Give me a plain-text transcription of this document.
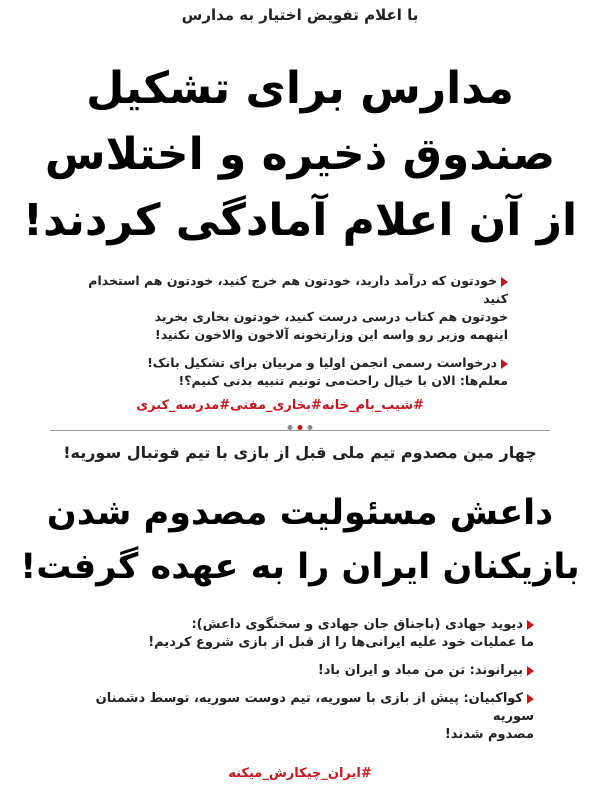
با اعلام تفویض اختیار به مدارس
مدارس برای تشکیل صندوق ذخیره و اختلاس از آن اعلام آمادگی کردند!
خودتون که درآمد دارید، خودتون هم خرج کنید، خودتون هم استخدام کنید
خودتون هم کتاب درسی درست کنید، خودتون بخاری بخرید
اینهمه وزیر رو واسه این وزارتخونه آلاخون والاخون نکنید!
درخواست رسمی انجمن اولیا و مربیان برای تشکیل بانک!
معلم‌ها: الان با خیال راحت‌می تونیم تنبیه بدنی کنیم؟!
#شیب_بام_خانه#بخاری_مفتی#مدرسه_کبری
چهار مین مصدوم تیم ملی قبل از بازی با تیم فوتبال سوریه!
داعش مسئولیت مصدوم شدن بازیکنان ایران را به عهده گرفت!
دیوید جهادی (باجناق جان جهادی و سخنگوی داعش):
ما عملیات خود علیه ایرانی‌ها را از قبل از بازی شروع کردیم!
بیرانوند: تن من مباد و ایران باد!
کواکبیان: پیش از بازی با سوریه، تیم دوست سوریه، توسط دشمنان سوریه
مصدوم شدند!
#ایران_چیکارش_میکنه
